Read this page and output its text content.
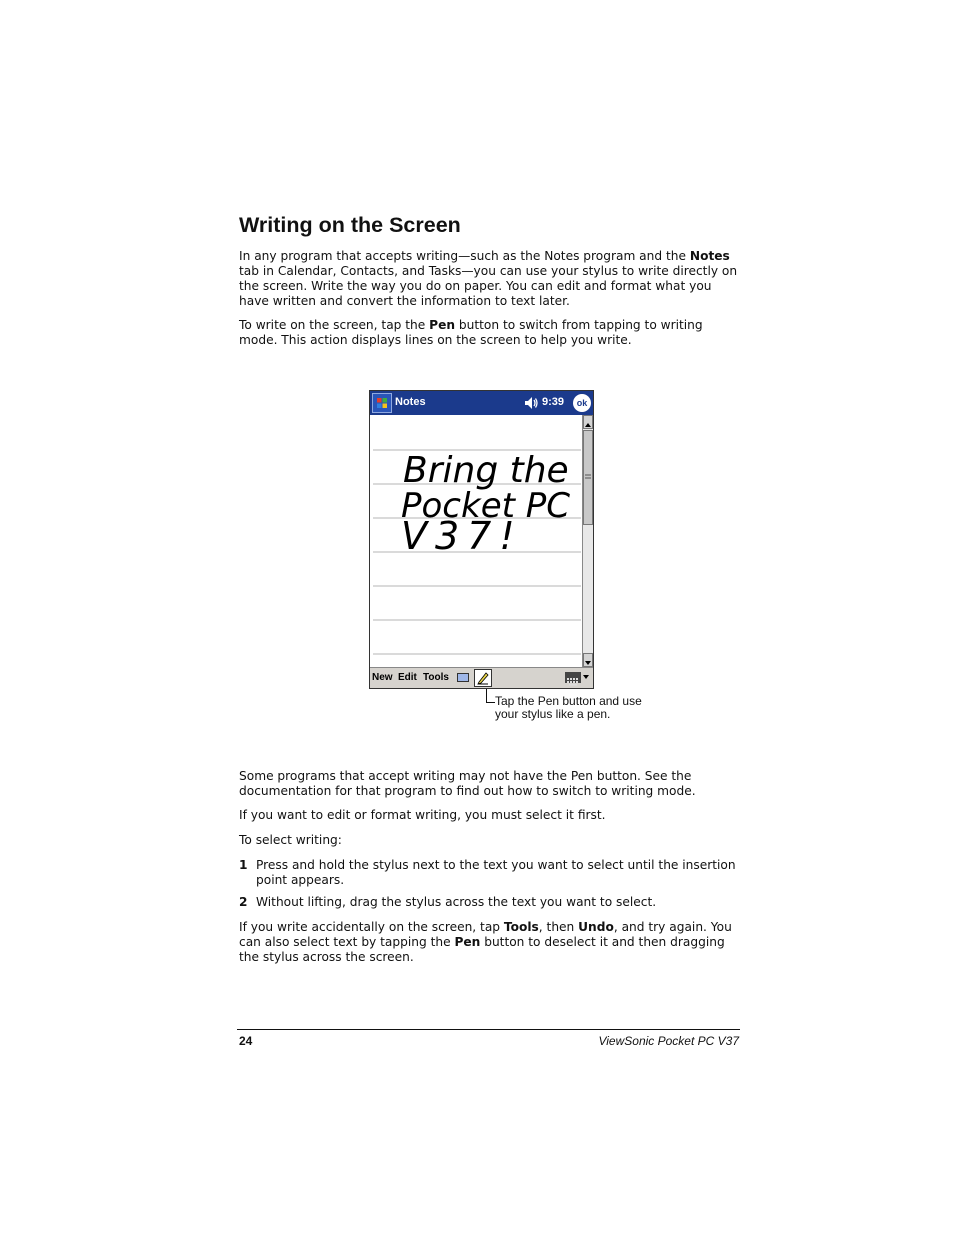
Writing on the Screen

In any program that accepts writing—such as the Notes program and the Notes tab in Calendar, Contacts, and Tasks—you can use your stylus to write directly on the screen. Write the way you do on paper. You can edit and format what you have written and convert the information to text later.

To write on the screen, tap the Pen button to switch from tapping to writing mode. This action displays lines on the screen to help you write.

Notes	9:39	ok
Bring the
Pocket PC
V37!
New Edit Tools
Tap the Pen button and use
your stylus like a pen.

Some programs that accept writing may not have the Pen button. See the documentation for that program to find out how to switch to writing mode.

If you want to edit or format writing, you must select it first.

To select writing:

1 Press and hold the stylus next to the text you want to select until the insertion point appears.

2 Without lifting, drag the stylus across the text you want to select.

If you write accidentally on the screen, tap Tools, then Undo, and try again. You can also select text by tapping the Pen button to deselect it and then dragging the stylus across the screen.

24	ViewSonic Pocket PC V37
